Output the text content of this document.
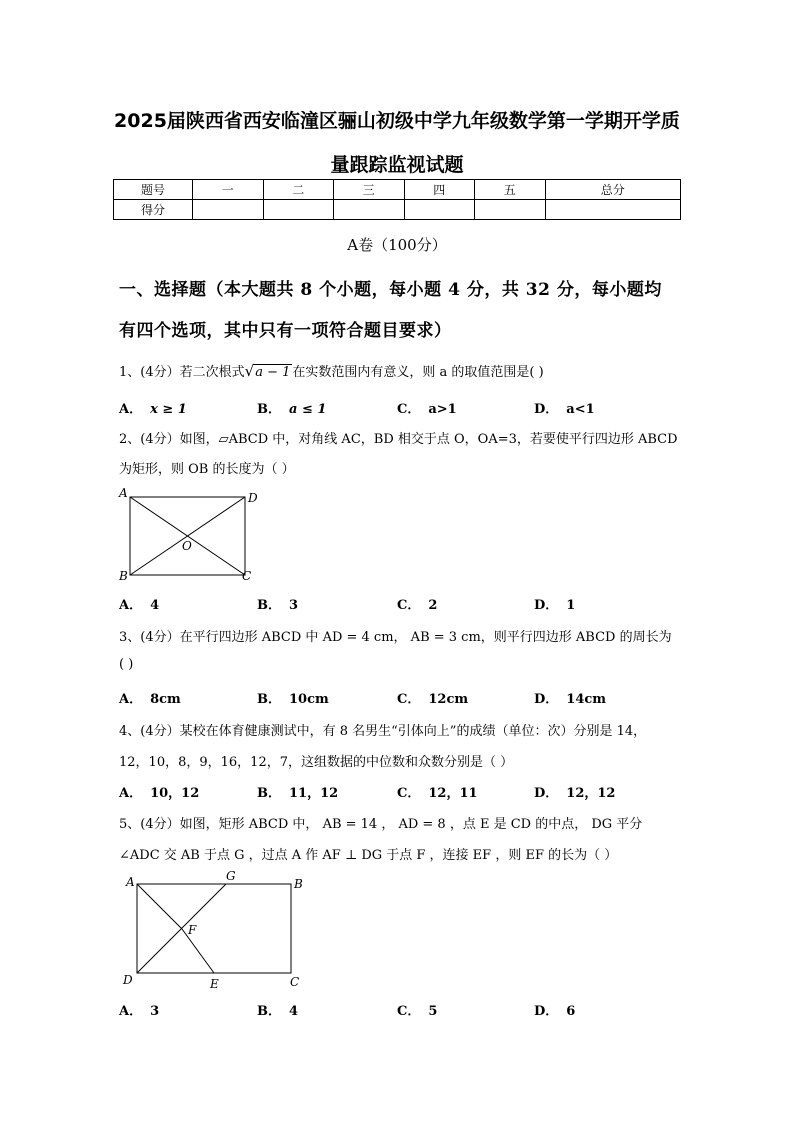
2025届陕西省西安临潼区骊山初级中学九年级数学第一学期开学质
量跟踪监视试题
题号	一	二	三	四	五	总分
得分						
A卷（100分）
一、选择题（本大题共 8 个小题，每小题 4 分，共 32 分，每小题均
有四个选项，其中只有一项符合题目要求）
1、(4分）若二次根式√a − 1 在实数范围内有意义，则 a 的取值范围是( )
A． x ≥ 1	B． a ≤ 1	C． a>1	D． a<1
2、(4分）如图，▱ABCD 中，对角线 AC，BD 相交于点 O，OA=3，若要使平行四边形 ABCD
为矩形，则 OB 的长度为（ ）
A	D
B	C
O
A． 4	B． 3	C． 2	D． 1
3、(4分）在平行四边形 ABCD 中 AD = 4 cm， AB = 3 cm，则平行四边形 ABCD 的周长为
( )
A． 8cm	B． 10cm	C． 12cm	D． 14cm
4、(4分）某校在体育健康测试中，有 8 名男生“引体向上”的成绩（单位：次）分别是 14，
12，10，8，9，16，12，7，这组数据的中位数和众数分别是（ ）
A． 10，12	B． 11，12	C． 12，11	D． 12，12
5、(4分）如图，矩形 ABCD 中， AB = 14 ， AD = 8 ，点 E 是 CD 的中点， DG 平分
∠ADC 交 AB 于点 G ，过点 A 作 AF ⊥ DG 于点 F ，连接 EF ，则 EF 的长为（ ）
A	G
B
F
D	E	C
A． 3	B． 4	C． 5	D． 6
